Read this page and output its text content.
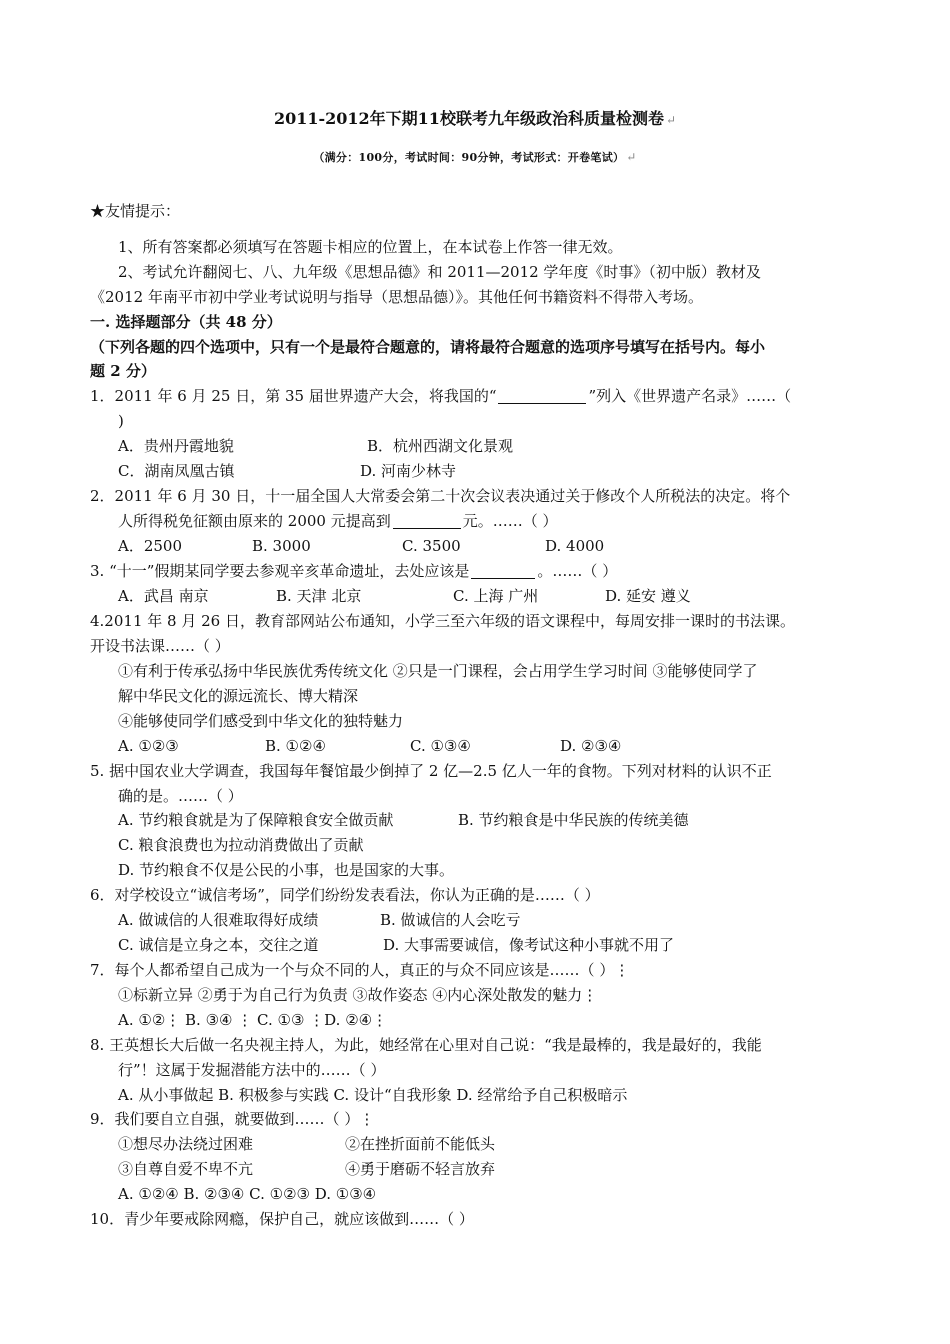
2011-2012年下期11校联考九年级政治科质量检测卷 ↵
（满分：100分，考试时间：90分钟，考试形式：开卷笔试） ↵
★友情提示：
1、所有答案都必须填写在答题卡相应的位置上，在本试卷上作答一律无效。
2、考试允许翻阅七、八、九年级《思想品德》和 2011—2012 学年度《时事》（初中版）教材及
《2012 年南平市初中学业考试说明与指导（思想品德）》。其他任何书籍资料不得带入考场。
一. 选择题部分（共 48 分）
（下列各题的四个选项中，只有一个是最符合题意的，请将最符合题意的选项序号填写在括号内。每小
题 2 分）
1．2011 年 6 月 25 日，第 35 届世界遗产大会，将我国的“	”列入《世界遗产名录》……（
)
A．贵州丹霞地貌	B．杭州西湖文化景观
C．湖南凤凰古镇	D. 河南少林寺
2．2011 年 6 月 30 日，十一届全国人大常委会第二十次会议表决通过关于修改个人所税法的决定。将个
人所得税免征额由原来的 2000 元提高到	元。……（ ）
A．2500	B. 3000	C. 3500	D. 4000
3. “十一”假期某同学要去参观辛亥革命遗址，去处应该是	。……（ ）
A．武昌 南京	B. 天津 北京	C. 上海 广州	D. 延安 遵义
4.2011 年 8 月 26 日，教育部网站公布通知，小学三至六年级的语文课程中，每周安排一课时的书法课。
开设书法课……（ ）
①有利于传承弘扬中华民族优秀传统文化 ②只是一门课程，会占用学生学习时间 ③能够使同学了
解中华民文化的源远流长、博大精深
④能够使同学们感受到中华文化的独特魅力
A. ①②③	B. ①②④	C. ①③④	D. ②③④
5. 据中国农业大学调查，我国每年餐馆最少倒掉了 2 亿—2.5 亿人一年的食物。下列对材料的认识不正
确的是。……（ ）
A. 节约粮食就是为了保障粮食安全做贡献	B. 节约粮食是中华民族的传统美德
C. 粮食浪费也为拉动消费做出了贡献
D. 节约粮食不仅是公民的小事，也是国家的大事。
6．对学校设立“诚信考场”，同学们纷纷发表看法，你认为正确的是……（ ）
A. 做诚信的人很难取得好成绩	B. 做诚信的人会吃亏
C. 诚信是立身之本，交往之道	D. 大事需要诚信，像考试这种小事就不用了
7．每个人都希望自己成为一个与众不同的人，真正的与众不同应该是……（ ）⋮
①标新立异 ②勇于为自己行为负责 ③故作姿态 ④内心深处散发的魅力⋮
A. ①②⋮ B. ③④ ⋮ C. ①③ ⋮D. ②④⋮
8. 王英想长大后做一名央视主持人，为此，她经常在心里对自己说：“我是最棒的，我是最好的，我能
行”！这属于发掘潜能方法中的……（ ）
A. 从小事做起 B. 积极参与实践 C. 设计“自我形象 D. 经常给予自己积极暗示
9．我们要自立自强，就要做到……（ ）⋮
①想尽办法绕过困难	②在挫折面前不能低头
③自尊自爱不卑不亢	④勇于磨砺不轻言放弃
A. ①②④ B. ②③④ C. ①②③ D. ①③④
10．青少年要戒除网瘾，保护自己，就应该做到……（ ）
